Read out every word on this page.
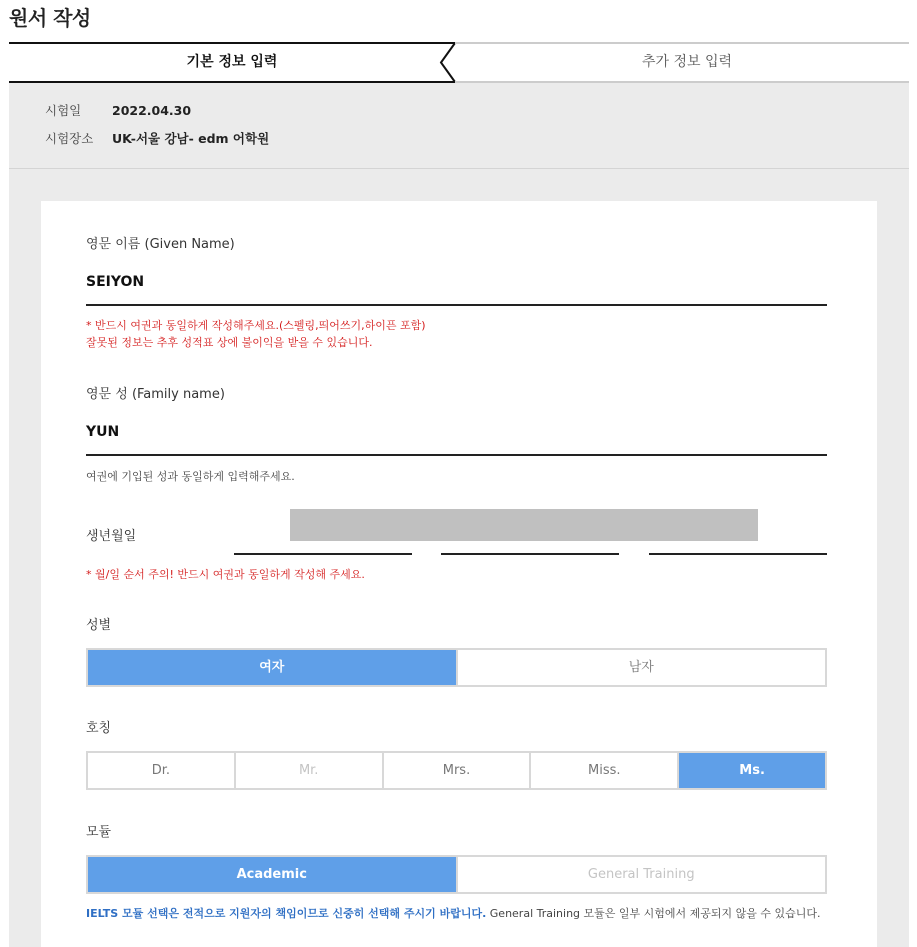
원서 작성
기본 정보 입력	추가 정보 입력
시험일 2022.04.30
시험장소 UK-서울 강남- edm 어학원
영문 이름 (Given Name)
SEIYON
* 반드시 여권과 동일하게 작성해주세요.(스펠링,띄어쓰기,하이픈 포함)
잘못된 정보는 추후 성적표 상에 불이익을 받을 수 있습니다.
영문 성 (Family name)
YUN
여권에 기입된 성과 동일하게 입력해주세요.
생년월일
* 월/일 순서 주의! 반드시 여권과 동일하게 작성해 주세요.
성별
여자	남자
호칭
Dr.	Mr.	Mrs.	Miss.	Ms.
모듈
Academic	General Training
IELTS 모듈 선택은 전적으로 지원자의 책임이므로 신중히 선택해 주시기 바랍니다. General Training 모듈은 일부 시험에서 제공되지 않을 수 있습니다.
